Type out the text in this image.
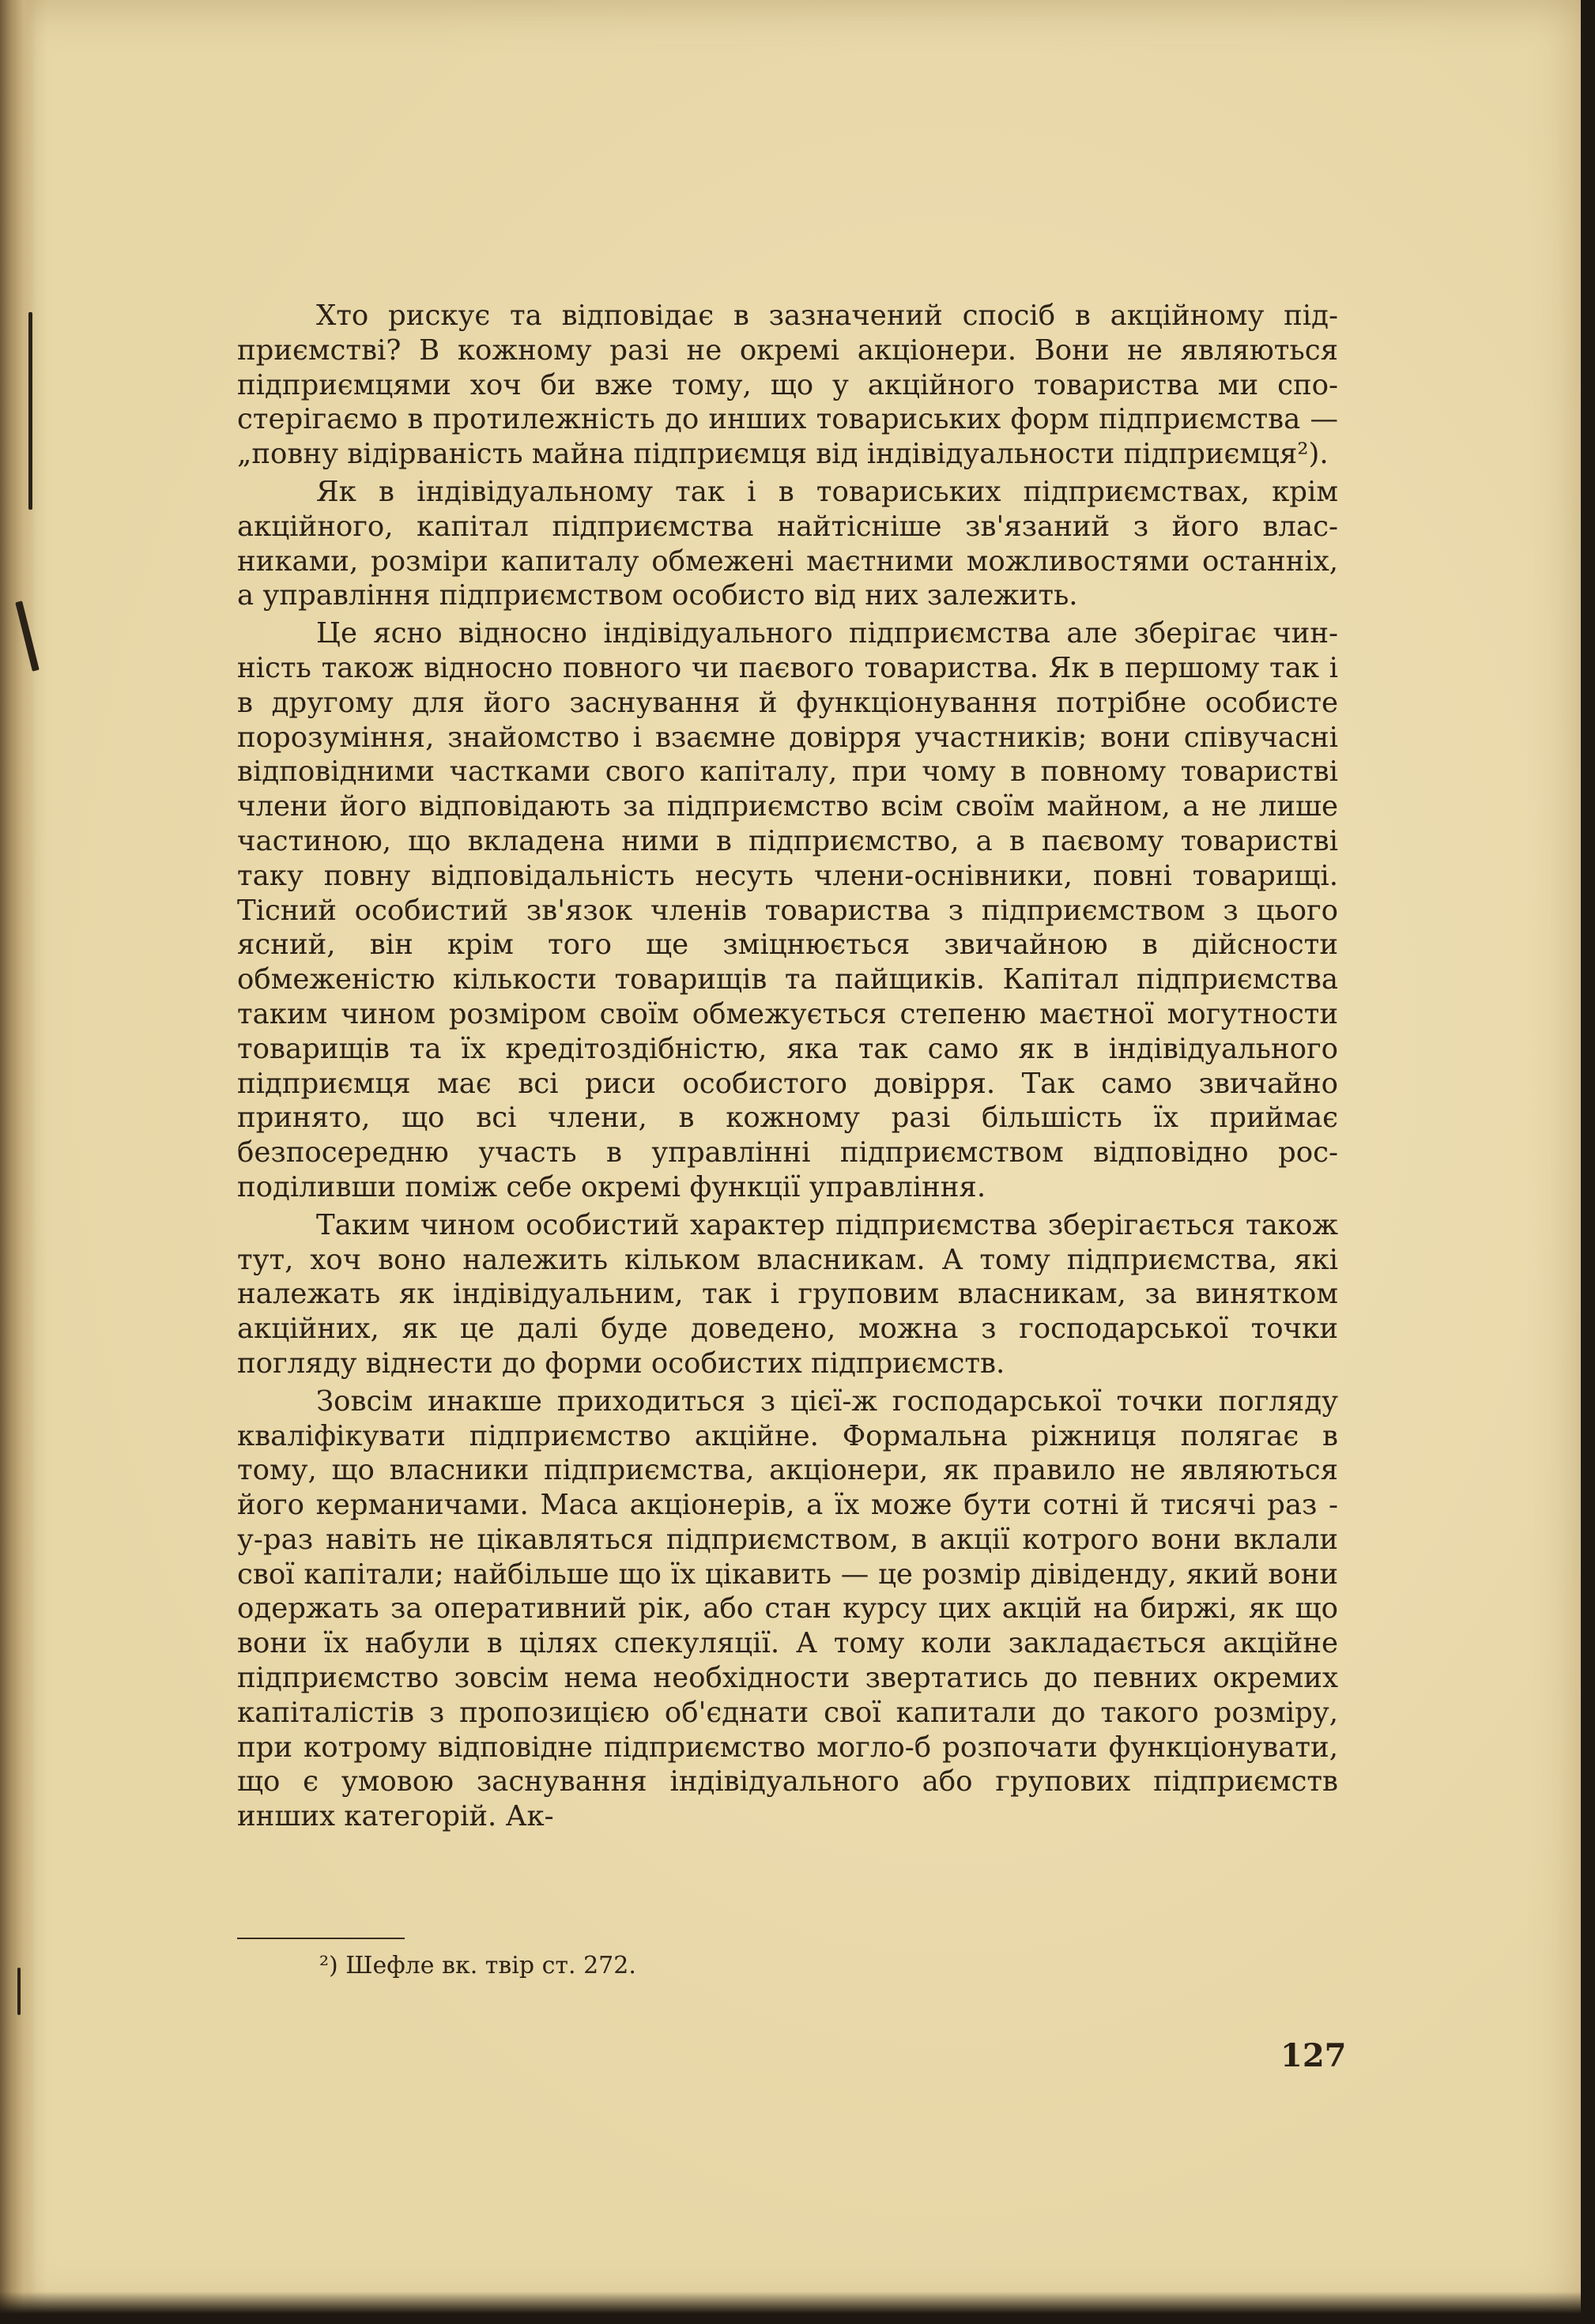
Хто рискує та відповідає в зазначений спосіб в акційному підприємстві? В кожному разі не окремі акціонери. Вони не являються підприємцями хоч би вже тому, що у акційного товариства ми спостерігаємо в протилежність до инших товариських форм підприємства — „повну відірваність майна підприємця від індівідуальности підприємця²).

Як в індівідуальному так і в товариських підприємствах, крім акційного, капітал підприємства найтісніше зв'язаний з його власниками, розміри капиталу обмежені маєтними можливостями останніх, а управління підприємством особисто від них залежить.

Це ясно відносно індівідуального підприємства але зберігає чинність також відносно повного чи паєвого товариства. Як в першому так і в другому для його заснування й функціонування потрібне особисте порозуміння, знайомство і взаємне довірря участників; вони співучасні відповідними частками свого капіталу, при чому в повному товаристві члени його відповідають за підприємство всім своїм майном, а не лише частиною, що вкладена ними в підприємство, а в паєвому товаристві таку повну відповідальність несуть члени-оснівники, повні товарищі. Тісний особистий зв'язок членів товариства з підприємством з цього ясний, він крім того ще зміцнюється звичайною в дійсности обмеженістю кількости товарищів та пайщиків. Капітал підприємства таким чином розміром своїм обмежується степеню маєтної могутности товарищів та їх кредітоздібністю, яка так само як в індівідуального підприємця має всі риси особистого довірря. Так само звичайно принято, що всі члени, в кожному разі більшість їх приймає безпосередню участь в управлінні підприємством відповідно росподіливши поміж себе окремі функції управління.

Таким чином особистий характер підприємства зберігається також тут, хоч воно належить кільком власникам. А тому підприємства, які належать як індівідуальним, так і груповим власникам, за винятком акційних, як це далі буде доведено, можна з господарської точки погляду віднести до форми особистих підприємств.

Зовсім инакше приходиться з цієї-ж господарської точки погляду кваліфікувати підприємство акційне. Формальна ріжниця полягає в тому, що власники підприємства, акціонери, як правило не являються його керманичами. Маса акціонерів, а їх може бути сотні й тисячі раз - у-раз навіть не цікавляться підприємством, в акції котрого вони вклали свої капітали; найбільше що їх цікавить — це розмір дівіденду, який вони одержать за оперативний рік, або стан курсу цих акцій на биржі, як що вони їх набули в цілях спекуляції. А тому коли закладається акційне підприємство зовсім нема необхідности звертатись до певних окремих капіталістів з пропозицією об'єднати свої капитали до такого розміру, при котрому відповідне підприємство могло-б розпочати функціонувати, що є умовою заснування індівідуального або групових підприємств инших категорій. Ак-

²) Шефле вк. твір ст. 272.
127
